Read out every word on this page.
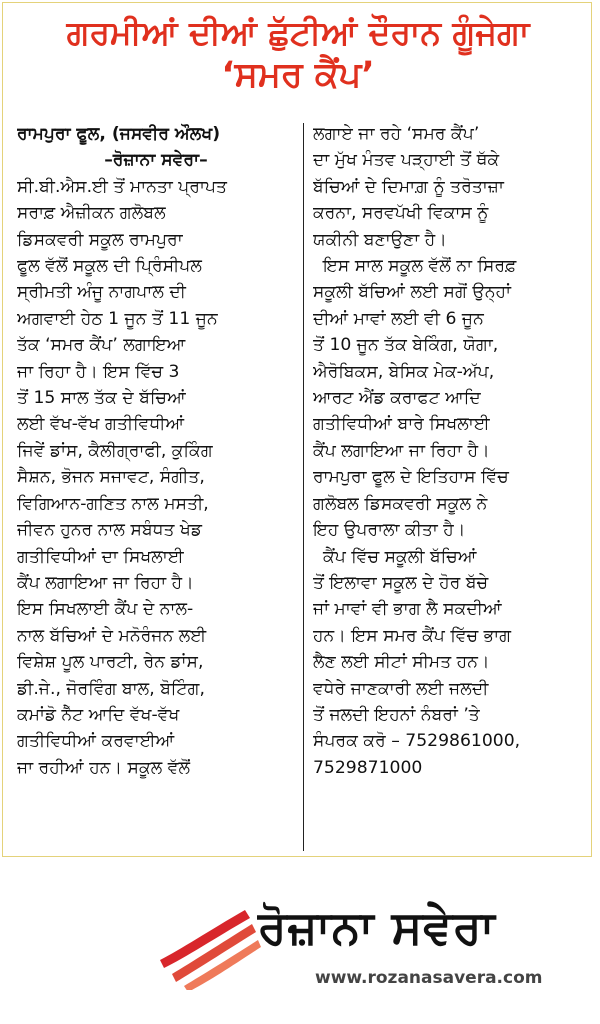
ਗਰਮੀਆਂ ਦੀਆਂ ਛੁੱਟੀਆਂ ਦੌਰਾਨ ਗੂੰਜੇਗਾ
‘ਸਮਰ ਕੈਂਪ’
ਰਾਮਪੁਰਾ ਫੂਲ, (ਜਸਵੀਰ ਔਲਖ)
–ਰੋਜ਼ਾਨਾ ਸਵੇਰਾ–
ਸੀ.ਬੀ.ਐਸ.ਈ ਤੋਂ ਮਾਨਤਾ ਪ੍ਰਾਪਤ
ਸਰਾਫ਼ ਐਜ਼ੀਕਨ ਗਲੋਬਲ
ਡਿਸਕਵਰੀ ਸਕੂਲ ਰਾਮਪੁਰਾ
ਫੂਲ ਵੱਲੋਂ ਸਕੂਲ ਦੀ ਪ੍ਰਿੰਸੀਪਲ
ਸ੍ਰੀਮਤੀ ਅੰਜੂ ਨਾਗਪਾਲ ਦੀ
ਅਗਵਾਈ ਹੇਠ 1 ਜੂਨ ਤੋਂ 11 ਜੂਨ
ਤੱਕ ‘ਸਮਰ ਕੈਂਪ’ ਲਗਾਇਆ
ਜਾ ਰਿਹਾ ਹੈ। ਇਸ ਵਿੱਚ 3
ਤੋਂ 15 ਸਾਲ ਤੱਕ ਦੇ ਬੱਚਿਆਂ
ਲਈ ਵੱਖ-ਵੱਖ ਗਤੀਵਿਧੀਆਂ
ਜਿਵੇਂ ਡਾਂਸ, ਕੈਲੀਗ੍ਰਾਫੀ, ਕੁਕਿੰਗ
ਸੈਸ਼ਨ, ਭੋਜਨ ਸਜਾਵਟ, ਸੰਗੀਤ,
ਵਿਗਿਆਨ-ਗਣਿਤ ਨਾਲ ਮਸਤੀ,
ਜੀਵਨ ਹੁਨਰ ਨਾਲ ਸਬੰਧਤ ਖੇਡ
ਗਤੀਵਿਧੀਆਂ ਦਾ ਸਿਖਲਾਈ
ਕੈਂਪ ਲਗਾਇਆ ਜਾ ਰਿਹਾ ਹੈ।
ਇਸ ਸਿਖਲਾਈ ਕੈਂਪ ਦੇ ਨਾਲ-
ਨਾਲ ਬੱਚਿਆਂ ਦੇ ਮਨੋਰੰਜਨ ਲਈ
ਵਿਸ਼ੇਸ਼ ਪੂਲ ਪਾਰਟੀ, ਰੇਨ ਡਾਂਸ,
ਡੀ.ਜੇ., ਜੋਰਵਿੰਗ ਬਾਲ, ਬੋਟਿੰਗ,
ਕਮਾਂਡੋ ਨੈੱਟ ਆਦਿ ਵੱਖ-ਵੱਖ
ਗਤੀਵਿਧੀਆਂ ਕਰਵਾਈਆਂ
ਜਾ ਰਹੀਆਂ ਹਨ। ਸਕੂਲ ਵੱਲੋਂ
ਲਗਾਏ ਜਾ ਰਹੇ ‘ਸਮਰ ਕੈਂਪ’
ਦਾ ਮੁੱਖ ਮੰਤਵ ਪੜ੍ਹਾਈ ਤੋਂ ਥੱਕੇ
ਬੱਚਿਆਂ ਦੇ ਦਿਮਾਗ਼ ਨੂੰ ਤਰੋਤਾਜ਼ਾ
ਕਰਨਾ, ਸਰਵਪੱਖੀ ਵਿਕਾਸ ਨੂੰ
ਯਕੀਨੀ ਬਣਾਉਣਾ ਹੈ।
ਇਸ ਸਾਲ ਸਕੂਲ ਵੱਲੋਂ ਨਾ ਸਿਰਫ਼
ਸਕੂਲੀ ਬੱਚਿਆਂ ਲਈ ਸਗੋਂ ਉਨ੍ਹਾਂ
ਦੀਆਂ ਮਾਵਾਂ ਲਈ ਵੀ 6 ਜੂਨ
ਤੋਂ 10 ਜੂਨ ਤੱਕ ਬੇਕਿੰਗ, ਯੋਗਾ,
ਐਰੋਬਿਕਸ, ਬੇਸਿਕ ਮੇਕ-ਅੱਪ,
ਆਰਟ ਐਂਡ ਕਰਾਫਟ ਆਦਿ
ਗਤੀਵਿਧੀਆਂ ਬਾਰੇ ਸਿਖਲਾਈ
ਕੈਂਪ ਲਗਾਇਆ ਜਾ ਰਿਹਾ ਹੈ।
ਰਾਮਪੁਰਾ ਫੂਲ ਦੇ ਇਤਿਹਾਸ ਵਿੱਚ
ਗਲੋਬਲ ਡਿਸਕਵਰੀ ਸਕੂਲ ਨੇ
ਇਹ ਉਪਰਾਲਾ ਕੀਤਾ ਹੈ।
ਕੈਂਪ ਵਿੱਚ ਸਕੂਲੀ ਬੱਚਿਆਂ
ਤੋਂ ਇਲਾਵਾ ਸਕੂਲ ਦੇ ਹੋਰ ਬੱਚੇ
ਜਾਂ ਮਾਵਾਂ ਵੀ ਭਾਗ ਲੈ ਸਕਦੀਆਂ
ਹਨ। ਇਸ ਸਮਰ ਕੈਂਪ ਵਿੱਚ ਭਾਗ
ਲੈਣ ਲਈ ਸੀਟਾਂ ਸੀਮਤ ਹਨ।
ਵਧੇਰੇ ਜਾਣਕਾਰੀ ਲਈ ਜਲਦੀ
ਤੋਂ ਜਲਦੀ ਇਹਨਾਂ ਨੰਬਰਾਂ ’ਤੇ
ਸੰਪਰਕ ਕਰੋ – 7529861000,
7529871000
ਰੋਜ਼ਾਨਾ ਸਵੇਰਾ
www.rozanasavera.com
